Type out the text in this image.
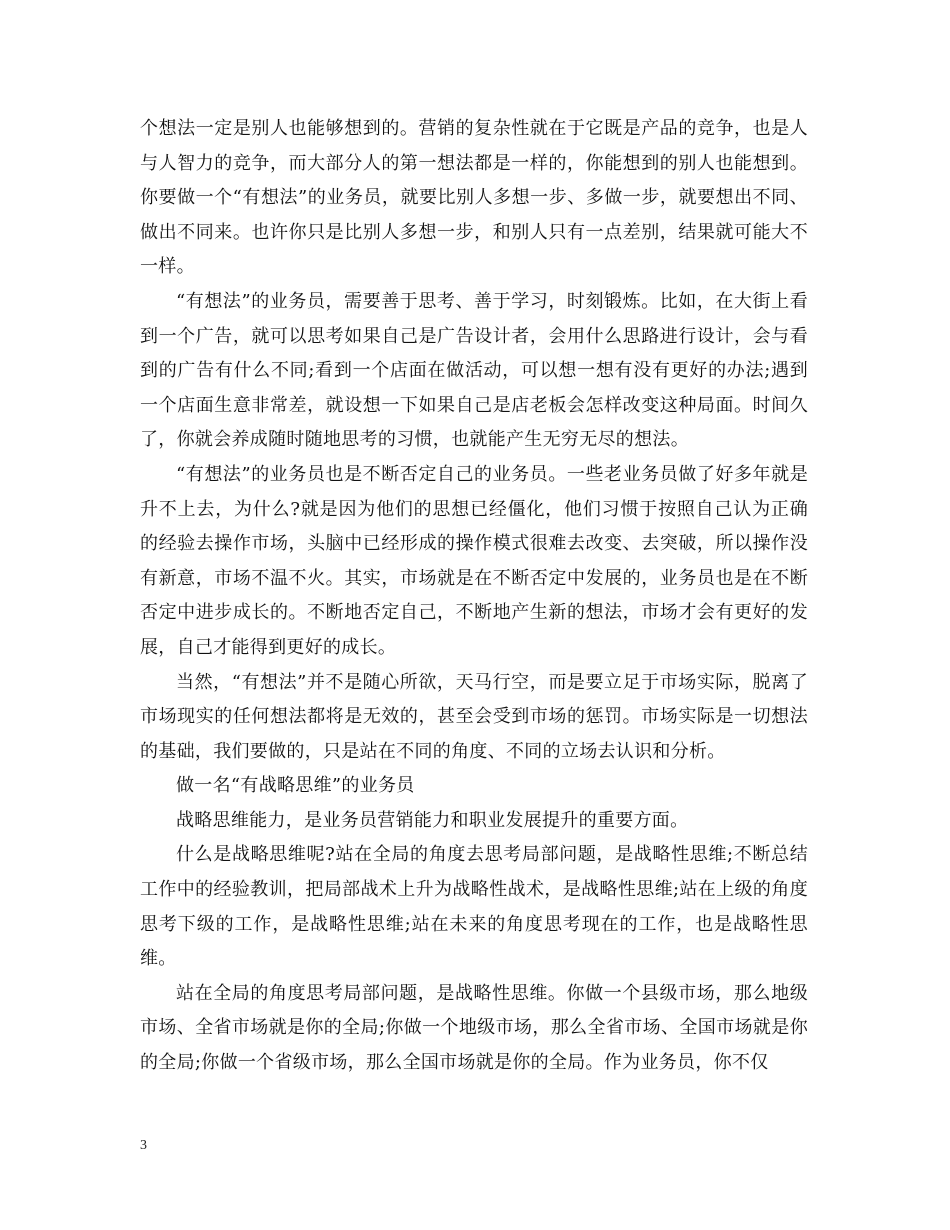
个想法一定是别人也能够想到的。营销的复杂性就在于它既是产品的竞争，也是人与人智力的竞争，而大部分人的第一想法都是一样的，你能想到的别人也能想到。你要做一个“有想法”的业务员，就要比别人多想一步、多做一步，就要想出不同、做出不同来。也许你只是比别人多想一步，和别人只有一点差别，结果就可能大不一样。

“有想法”的业务员，需要善于思考、善于学习，时刻锻炼。比如，在大街上看到一个广告，就可以思考如果自己是广告设计者，会用什么思路进行设计，会与看到的广告有什么不同;看到一个店面在做活动，可以想一想有没有更好的办法;遇到一个店面生意非常差，就设想一下如果自己是店老板会怎样改变这种局面。时间久了，你就会养成随时随地思考的习惯，也就能产生无穷无尽的想法。

“有想法”的业务员也是不断否定自己的业务员。一些老业务员做了好多年就是升不上去，为什么?就是因为他们的思想已经僵化，他们习惯于按照自己认为正确的经验去操作市场，头脑中已经形成的操作模式很难去改变、去突破，所以操作没有新意，市场不温不火。其实，市场就是在不断否定中发展的，业务员也是在不断否定中进步成长的。不断地否定自己，不断地产生新的想法，市场才会有更好的发展，自己才能得到更好的成长。

当然，“有想法”并不是随心所欲，天马行空，而是要立足于市场实际，脱离了市场现实的任何想法都将是无效的，甚至会受到市场的惩罚。市场实际是一切想法的基础，我们要做的，只是站在不同的角度、不同的立场去认识和分析。

做一名“有战略思维”的业务员

战略思维能力，是业务员营销能力和职业发展提升的重要方面。

什么是战略思维呢?站在全局的角度去思考局部问题，是战略性思维;不断总结工作中的经验教训，把局部战术上升为战略性战术，是战略性思维;站在上级的角度思考下级的工作，是战略性思维;站在未来的角度思考现在的工作，也是战略性思维。

站在全局的角度思考局部问题，是战略性思维。你做一个县级市场，那么地级市场、全省市场就是你的全局;你做一个地级市场，那么全省市场、全国市场就是你的全局;你做一个省级市场，那么全国市场就是你的全局。作为业务员，你不仅

3
